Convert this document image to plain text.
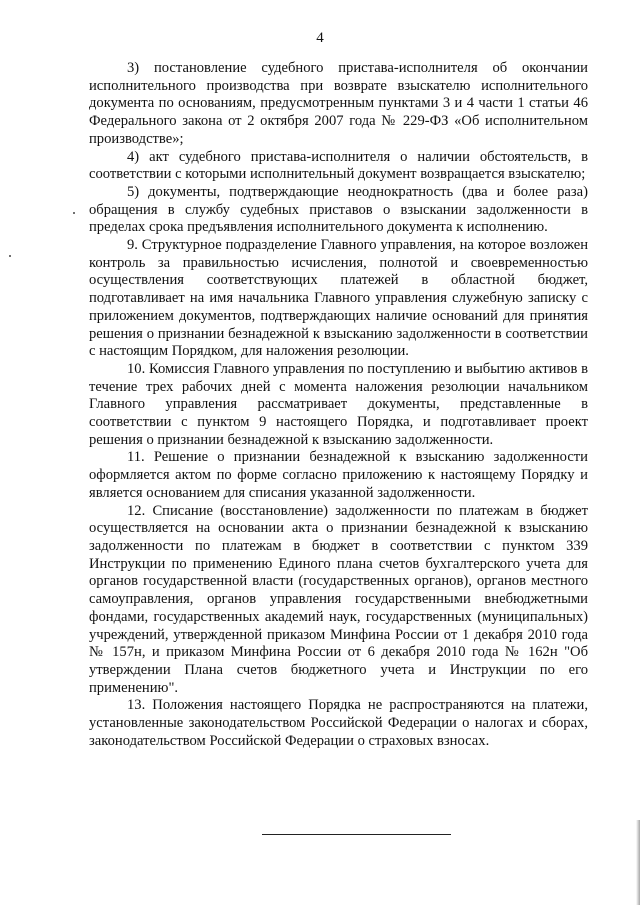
4

3) постановление судебного пристава-исполнителя об окончании исполнительного производства при возврате взыскателю исполнительного документа по основаниям, предусмотренным пунктами 3 и 4 части 1 статьи 46 Федерального закона от 2 октября 2007 года № 229-ФЗ «Об исполнительном производстве»;

4) акт судебного пристава-исполнителя о наличии обстоятельств, в соответствии с которыми исполнительный документ возвращается взыскателю;

5) документы, подтверждающие неоднократность (два и более раза) обращения в службу судебных приставов о взыскании задолженности в пределах срока предъявления исполнительного документа к исполнению.

9. Структурное подразделение Главного управления, на которое возложен контроль за правильностью исчисления, полнотой и своевременностью осуществления соответствующих платежей в областной бюджет, подготавливает на имя начальника Главного управления служебную записку с приложением документов, подтверждающих наличие оснований для принятия решения о признании безнадежной к взысканию задолженности в соответствии с настоящим Порядком, для наложения резолюции.

10. Комиссия Главного управления по поступлению и выбытию активов в течение трех рабочих дней с момента наложения резолюции начальником Главного управления рассматривает документы, представленные в соответствии с пунктом 9 настоящего Порядка, и подготавливает проект решения о признании безнадежной к взысканию задолженности.

11. Решение о признании безнадежной к взысканию задолженности оформляется актом по форме согласно приложению к настоящему Порядку и является основанием для списания указанной задолженности.

12. Списание (восстановление) задолженности по платежам в бюджет осуществляется на основании акта о признании безнадежной к взысканию задолженности по платежам в бюджет в соответствии с пунктом 339 Инструкции по применению Единого плана счетов бухгалтерского учета для органов государственной власти (государственных органов), органов местного самоуправления, органов управления государственными внебюджетными фондами, государственных академий наук, государственных (муниципальных) учреждений, утвержденной приказом Минфина России от 1 декабря 2010 года № 157н, и приказом Минфина России от 6 декабря 2010 года № 162н "Об утверждении Плана счетов бюджетного учета и Инструкции по его применению".

13. Положения настоящего Порядка не распространяются на платежи, установленные законодательством Российской Федерации о налогах и сборах, законодательством Российской Федерации о страховых взносах.
